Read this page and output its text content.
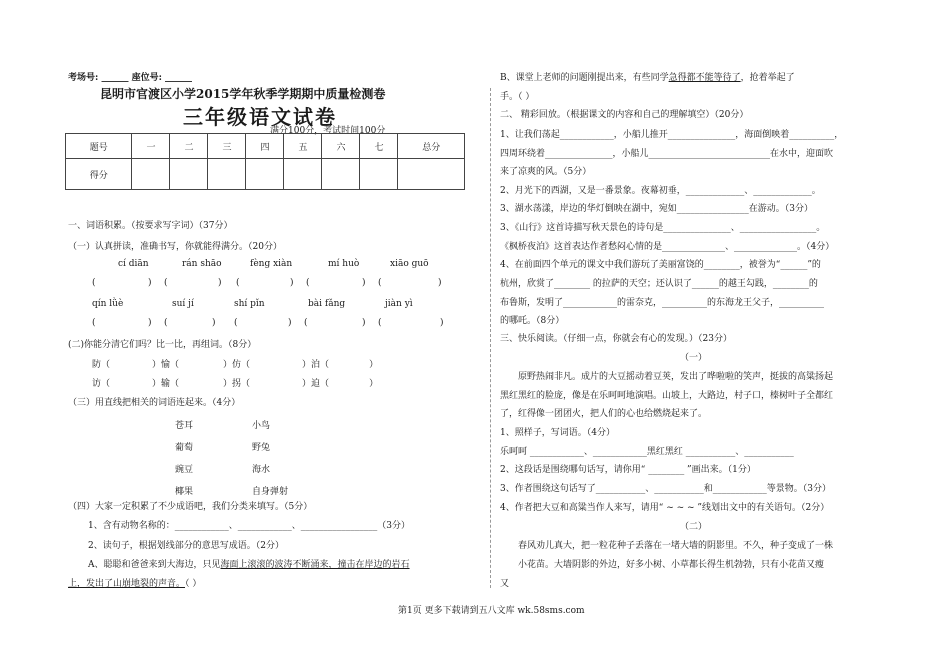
考场号: ______ 座位号: ______
昆明市官渡区小学2015学年秋季学期期中质量检测卷
三年级语文试卷
满分100分，考试时间100分
题号	一	二	三	四	五	六	七	总分
得分								
一、词语积累。（按要求写字词）（37分）
（一）认真拼读，准确书写，你就能得满分。（20分）
cí diān	rán shāo	fèng xiàn	mí huò	xiāo guō
(	) (	) (	) (	) (	)
qín lǜè	suí jí	shí pǐn	bài fǎng	jiàn yì
(	) (	) (	) (	) (	)
(二)你能分清它们吗？比一比，再组词。（8分）
防（	）愉（	）仿（	）泊（	）
访（	）输（	）拐（	）迫（	）
（三）用直线把相关的词语连起来。（4分）
苍耳
葡萄
豌豆
椰果
小鸟
野兔
海水
自身弹射
（四）大家一定积累了不少成语吧，我们分类来填写。（5分）
1、含有动物名称的：____________、____________、_________________（3分）
2、读句子，根据划线部分的意思写成语。（2分）
A、聪聪和爸爸来到大海边，只见海面上滚滚的波涛不断涌来，撞击在岸边的岩石
上，发出了山崩地裂的声音。（ ）
B、课堂上老师的问题刚提出来，有些同学急得都不能等待了，抢着举起了
手。（ ）
二、 精彩回放。（根据课文的内容和自己的理解填空）（20分）
1、让我们荡起____________，小船儿推开_______________，海面倒映着__________，
四周环绕着_______________，小船儿___________________________在水中，迎面吹
来了凉爽的风。（5分）
2、月光下的西湖，又是一番景象。夜幕初垂，_____________、_____________。
3、湖水荡漾，岸边的华灯倒映在湖中，宛如________________在游动。（3分）
3、《山行》这首诗描写秋天景色的诗句是_______________、_________________。
《枫桥夜泊》这首表达作者愁闷心情的是______________、______________。（4分）
4、在前面四个单元的课文中我们游玩了美丽富饶的________，被誉为“______”的
杭州，欣赏了________ 的拉萨的天空；还认识了______的越王勾践，________的
布鲁斯，发明了____________的雷奈克，__________的东海龙王父子，__________
的哪吒。（8分）
三、快乐阅读。（仔细一点，你就会有心的发现。）（23分）
（一）
原野热闹非凡。成片的大豆摇动着豆荚，发出了哗啦啦的笑声，挺拔的高粱扬起
黑红黑红的脸庞，像是在乐呵呵地演唱。山坡上，大路边，村子口，榛树叶子全都红
了，红得像一团团火，把人们的心也给燃烧起来了。
1、照样子，写词语。（4分）
乐呵呵 ____________、____________黑红黑红 ___________、___________
2、这段话是围绕哪句话写，请你用“ ________ ”画出来。（1分）
3、作者围绕这句话写了___________、___________和____________等景物。（3分）
4、作者把大豆和高粱当作人来写，请用“ ~ ~ ~ ”线划出文中的有关语句。（2分）
（二）
春风劝儿真大，把一粒花种子丢落在一堵大墙的阴影里。不久，种子变成了一株
小花苗。大墙阴影的外边，好多小树、小草都长得生机勃勃，只有小花苗又瘦
又
第1页 更多下载请到五八文库 wk.58sms.com
